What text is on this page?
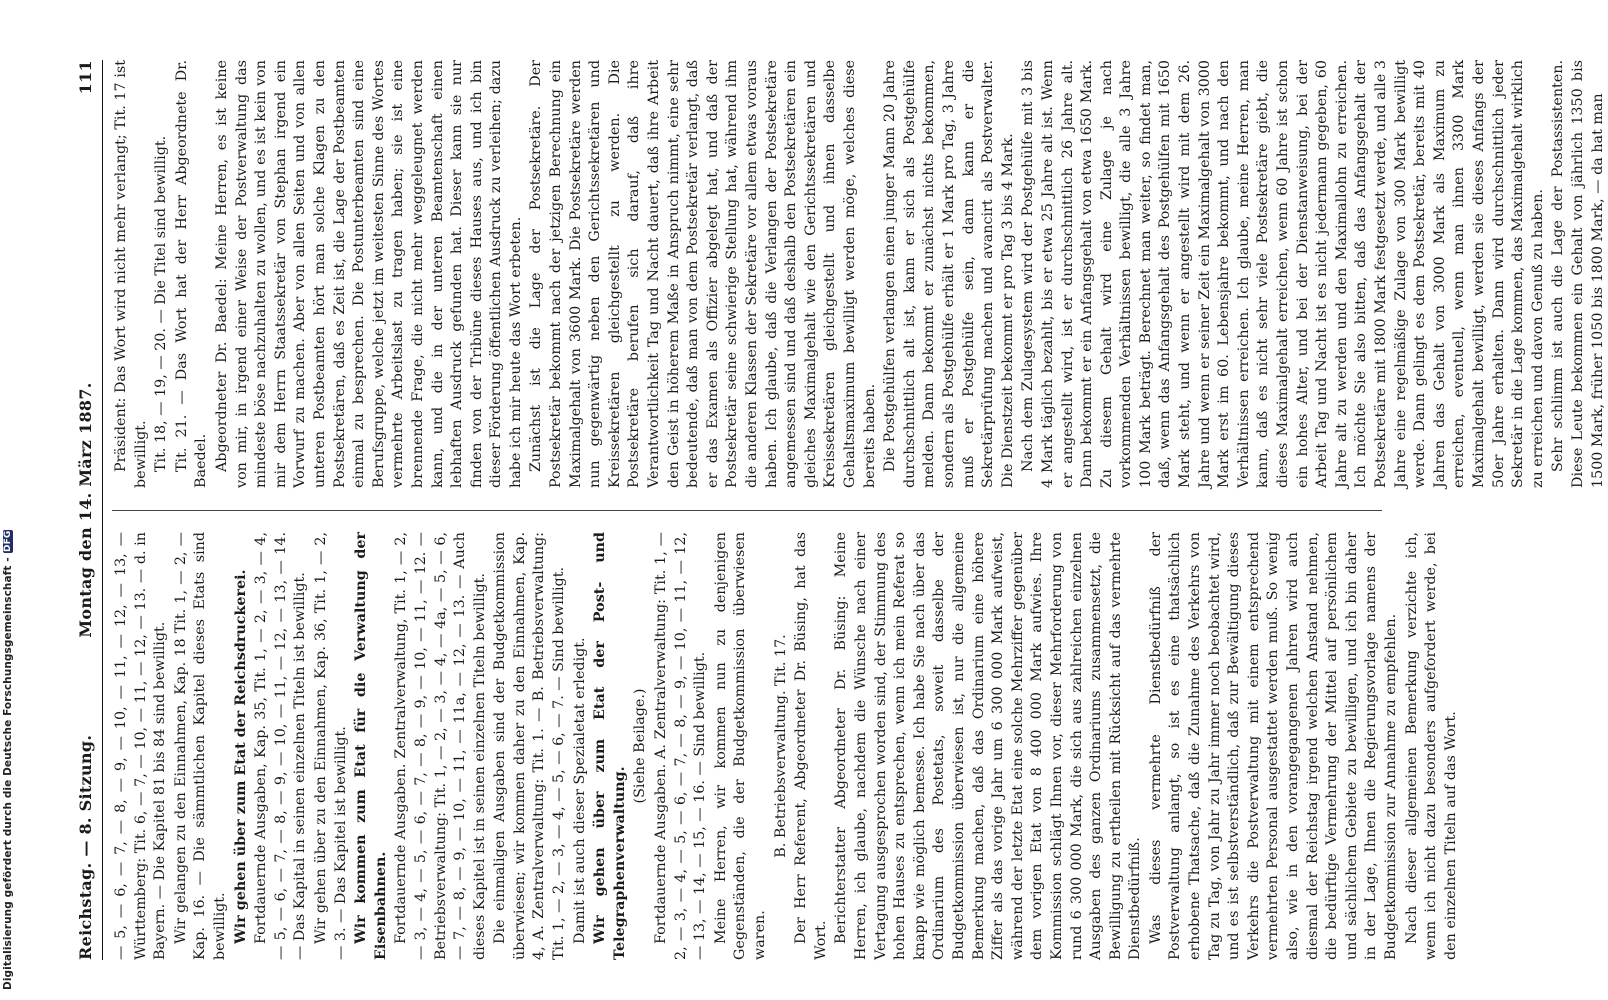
Digitalisierung gefördert durch die Deutsche Forschungsgemeinschaft -
DFG
Reichstag. — 8. Sitzung.
Montag den 14. März 1887.
111

— 5, — 6, — 7, — 8, — 9, — 10, — 11, — 12, — 13, — Württemberg: Tit. 6, — 7, — 10, — 11, — 12, — 13. — d. in Bayern. — Die Kapitel 81 bis 84 sind bewilligt. Wir gelangen zu den Einnahmen, Kap. 18 Tit. 1, — 2, — Kap. 16. — Die sämmtlichen Kapitel dieses Etats sind bewilligt. Wir gehen über zum Etat der Reichsdruckerei. Fortdauernde Ausgaben, Kap. 35, Tit. 1, — 2, — 3, — 4, — 5, — 6, — 7, — 8, — 9, — 10, — 11, — 12, — 13, — 14. — Das Kapital in seinen einzelnen Titeln ist bewilligt. Wir gehen über zu den Einnahmen, Kap. 36, Tit. 1, — 2, — 3. — Das Kapitel ist bewilligt. Wir kommen zum Etat für die Verwaltung der Eisenbahnen. Fortdauernde Ausgaben. Zentralverwaltung, Tit. 1, — 2, — 3, — 4, — 5, — 6, — 7, — 8, — 9, — 10, — 11, — 12. — Betriebsverwaltung: Tit. 1, — 2, — 3, — 4, — 4a, — 5, — 6, — 7, — 8, — 9, — 10, — 11, — 11a, — 12, — 13. — Auch dieses Kapitel ist in seinen einzelnen Titeln bewilligt. Die einmaligen Ausgaben sind der Budgetkommission überwiesen; wir kommen daher zu den Einnahmen, Kap. 4, A. Zentralverwaltung: Tit. 1. — B. Betriebsverwaltung: Tit. 1, — 2, — 3, — 4, — 5, — 6, — 7. — Sind bewilligt. Damit ist auch dieser Spezialetat erledigt. Wir gehen über zum Etat der Post- und Telegraphenverwaltung.

(Siehe Beilage.) Fortdauernde Ausgaben. A. Zentralverwaltung: Tit. 1, — 2, — 3, — 4, — 5, — 6, — 7, — 8, — 9, — 10, — 11, — 12, — 13, — 14, — 15, — 16. — Sind bewilligt. Meine Herren, wir kommen nun zu denjenigen Gegenständen, die der Budgetkommission überwiesen waren.

B. Betriebsverwaltung. Tit. 17. Der Herr Referent, Abgeordneter Dr. Büsing, hat das Wort. Berichterstatter Abgeordneter Dr. Büsing: Meine Herren, ich glaube, nachdem die Wünsche nach einer Vertagung ausgesprochen worden sind, der Stimmung des hohen Hauses zu entsprechen, wenn ich mein Referat so knapp wie möglich bemesse. Ich habe Sie nach über das Ordinarium des Postetats, soweit dasselbe der Budgetkommission überwiesen ist, nur die allgemeine Bemerkung machen, daß das Ordinarium eine höhere Ziffer als das vorige Jahr um 6 300 000 Mark aufweist, während der letzte Etat eine solche Mehrziffer gegenüber dem vorigen Etat von 8 400 000 Mark aufwies. Ihre Kommission schlägt Ihnen vor, dieser Mehrforderung von rund 6 300 000 Mark, die sich aus zahlreichen einzelnen Ausgaben des ganzen Ordinariums zusammensetzt, die Bewilligung zu ertheilen mit Rücksicht auf das vermehrte Dienstbedürfniß. Was dieses vermehrte Dienstbedürfniß der Postverwaltung anlangt, so ist es eine thatsächlich erhobene Thatsache, daß die Zunahme des Verkehrs von Tag zu Tag, von Jahr zu Jahr immer noch beobachtet wird, und es ist selbstverständlich, daß zur Bewältigung dieses Verkehrs die Postverwaltung mit einem entsprechend vermehrten Personal ausgestattet werden muß. So wenig also, wie in den vorangegangenen Jahren wird auch diesmal der Reichstag irgend welchen Anstand nehmen, die bedürftige Vermehrung der Mittel auf persönlichem und sächlichem Gebiete zu bewilligen, und ich bin daher in der Lage, Ihnen die Regierungsvorlage namens der Budgetkommission zur Annahme zu empfehlen. Nach dieser allgemeinen Bemerkung verzichte ich, wenn ich nicht dazu besonders aufgefordert werde, bei den einzelnen Titeln auf das Wort.

Präsident: Das Wort wird nicht mehr verlangt; Tit. 17 ist bewilligt. Tit. 18, — 19, — 20. — Die Titel sind bewilligt. Tit. 21. — Das Wort hat der Herr Abgeordnete Dr. Baedel. Abgeordneter Dr. Baedel: Meine Herren, es ist keine von mir, in irgend einer Weise der Postverwaltung das mindeste böse nachzuhalten zu wollen, und es ist kein von mir dem Herrn Staatssekretär von Stephan irgend ein Vorwurf zu machen. Aber von allen Seiten und von allen unteren Postbeamten hört man solche Klagen zu den Postsekretären, daß es Zeit ist, die Lage der Postbeamten einmal zu besprechen. Die Postunterbeamten sind eine Berufsgruppe, welche jetzt im weitesten Sinne des Wortes vermehrte Arbeitslast zu tragen haben; sie ist eine brennende Frage, die nicht mehr weggeleugnet werden kann, und die in der unteren Beamtenschaft einen lebhaften Ausdruck gefunden hat. Dieser kann sie nur finden von der Tribüne dieses Hauses aus, und ich bin dieser Förderung öffentlichen Ausdruck zu verleihen; dazu habe ich mir heute das Wort erbeten. Zunächst ist die Lage der Postsekretäre. Der Postsekretär bekommt nach der jetzigen Berechnung ein Maximalgehalt von 3600 Mark. Die Postsekretäre werden nun gegenwärtig neben den Gerichtssekretären und Kreissekretären gleichgestellt zu werden. Die Postsekretäre berufen sich darauf, daß ihre Verantwortlichkeit Tag und Nacht dauert, daß ihre Arbeit den Geist in höherem Maße in Anspruch nimmt, eine sehr bedeutende, daß man von dem Postsekretär verlangt, daß er das Examen als Offizier abgelegt hat, und daß der Postsekretär seine schwierige Stellung hat, während ihm die anderen Klassen der Sekretäre vor allem etwas voraus haben. Ich glaube, daß die Verlangen der Postsekretäre angemessen sind und daß deshalb den Postsekretären ein gleiches Maximalgehalt wie den Gerichtssekretären und Kreissekretären gleichgestellt und ihnen dasselbe Gehaltsmaximum bewilligt werden möge, welches diese bereits haben. Die Postgehülfen verlangen einen junger Mann 20 Jahre durchschnittlich alt ist, kann er sich als Postgehülfe melden. Dann bekommt er zunächst nichts bekommen, sondern als Postgehülfe erhält er 1 Mark pro Tag, 3 Jahre muß er Postgehülfe sein, dann kann er die Sekretärprüfung machen und avancirt als Postverwalter. Die Dienstzeit bekommt er pro Tag 3 bis 4 Mark. Nach dem Zulagesystem wird der Postgehülfe mit 3 bis 4 Mark täglich bezahlt, bis er etwa 25 Jahre alt ist. Wenn er angestellt wird, ist er durchschnittlich 26 Jahre alt. Dann bekommt er ein Anfangsgehalt von etwa 1650 Mark. Zu diesem Gehalt wird eine Zulage je nach vorkommenden Verhältnissen bewilligt, die alle 3 Jahre 100 Mark beträgt. Berechnet man weiter, so findet man, daß, wenn das Anfangsgehalt des Postgehülfen mit 1650 Mark steht, und wenn er angestellt wird mit dem 26. Jahre und wenn er seiner Zeit ein Maximalgehalt von 3000 Mark erst im 60. Lebensjahre bekommt, und nach den Verhältnissen erreichen. Ich glaube, meine Herren, man kann, daß es nicht sehr viele Postsekretäre giebt, die dieses Maximalgehalt erreichen, wenn 60 Jahre ist schon ein hohes Alter, und bei der Dienstanweisung, bei der Arbeit Tag und Nacht ist es nicht jedermann gegeben, 60 Jahre alt zu werden und den Maximallohn zu erreichen. Ich möchte Sie also bitten, daß das Anfangsgehalt der Postsekretäre mit 1800 Mark festgesetzt werde, und alle 3 Jahre eine regelmäßige Zulage von 300 Mark bewilligt werde. Dann gelingt es dem Postsekretär, bereits mit 40 Jahren das Gehalt von 3000 Mark als Maximum zu erreichen, eventuell, wenn man ihnen 3300 Mark Maximalgehalt bewilligt, werden sie dieses Anfangs der 50er Jahre erhalten. Dann wird durchschnittlich jeder Sekretär in die Lage kommen, das Maximalgehalt wirklich zu erreichen und davon Genuß zu haben. Sehr schlimm ist auch die Lage der Postassistenten. Diese Leute bekommen ein Gehalt von jährlich 1350 bis 1500 Mark, früher 1050 bis 1800 Mark, — da hat man
